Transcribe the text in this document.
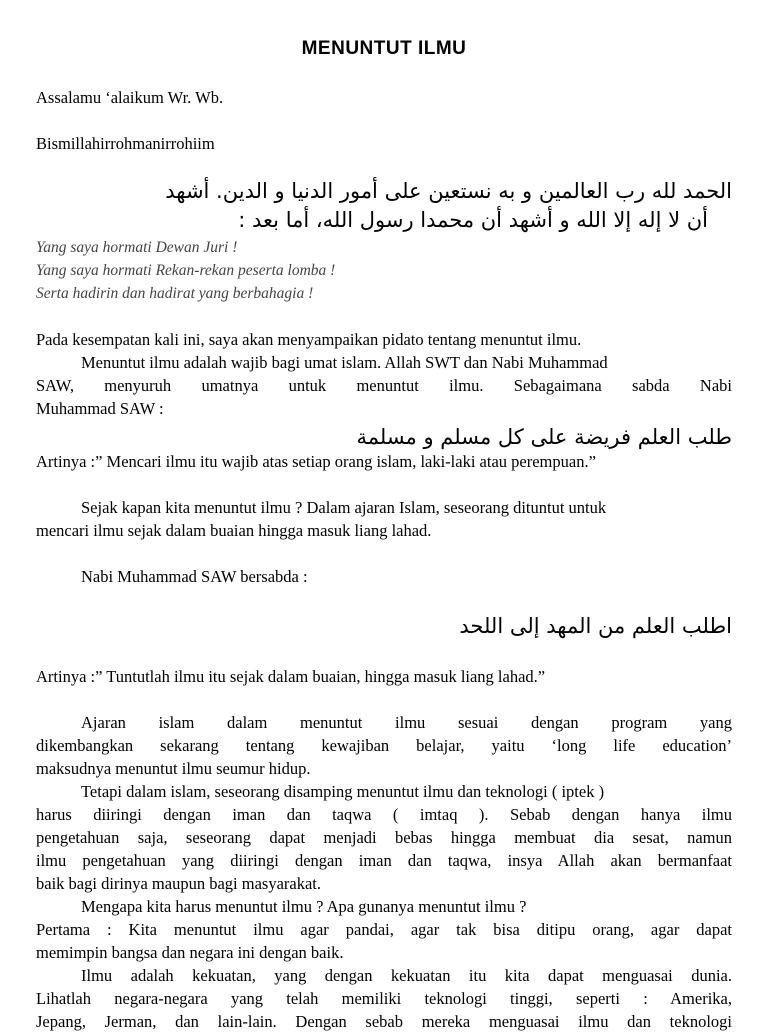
MENUNTUT ILMU
Assalamu ‘alaikum Wr. Wb.
Bismillahirrohmanirrohiim
الحمد لله رب العالمين و به نستعين على أمور الدنيا و الدين. أشهد
أن لا إله إلا الله و أشهد أن محمدا رسول الله، أما بعد :
Yang saya hormati Dewan Juri !
Yang saya hormati Rekan-rekan peserta lomba !
Serta hadirin dan hadirat yang berbahagia !
Pada kesempatan kali ini, saya akan menyampaikan pidato tentang menuntut ilmu.
Menuntut ilmu adalah wajib bagi umat islam. Allah SWT dan Nabi Muhammad
SAW, menyuruh umatnya untuk menuntut ilmu. Sebagaimana sabda Nabi
Muhammad SAW :
طلب العلم فريضة على كل مسلم و مسلمة
Artinya :” Mencari ilmu itu wajib atas setiap orang islam, laki-laki atau perempuan.”
Sejak kapan kita menuntut ilmu ? Dalam ajaran Islam, seseorang dituntut untuk
mencari ilmu sejak dalam buaian hingga masuk liang lahad.
Nabi Muhammad SAW bersabda :
اطلب العلم من المهد إلى اللحد
Artinya :” Tuntutlah ilmu itu sejak dalam buaian, hingga masuk liang lahad.”
Ajaran islam dalam menuntut ilmu sesuai dengan program yang
dikembangkan sekarang tentang kewajiban belajar, yaitu ‘long life education’
maksudnya menuntut ilmu seumur hidup.
Tetapi dalam islam, seseorang disamping menuntut ilmu dan teknologi ( iptek )
harus diiringi dengan iman dan taqwa ( imtaq ). Sebab dengan hanya ilmu
pengetahuan saja, seseorang dapat menjadi bebas hingga membuat dia sesat, namun
ilmu pengetahuan yang diiringi dengan iman dan taqwa, insya Allah akan bermanfaat
baik bagi dirinya maupun bagi masyarakat.
Mengapa kita harus menuntut ilmu ? Apa gunanya menuntut ilmu ?
Pertama : Kita menuntut ilmu agar pandai, agar tak bisa ditipu orang, agar dapat
memimpin bangsa dan negara ini dengan baik.
Ilmu adalah kekuatan, yang dengan kekuatan itu kita dapat menguasai dunia.
Lihatlah negara-negara yang telah memiliki teknologi tinggi, seperti : Amerika,
Jepang, Jerman, dan lain-lain. Dengan sebab mereka menguasai ilmu dan teknologi
